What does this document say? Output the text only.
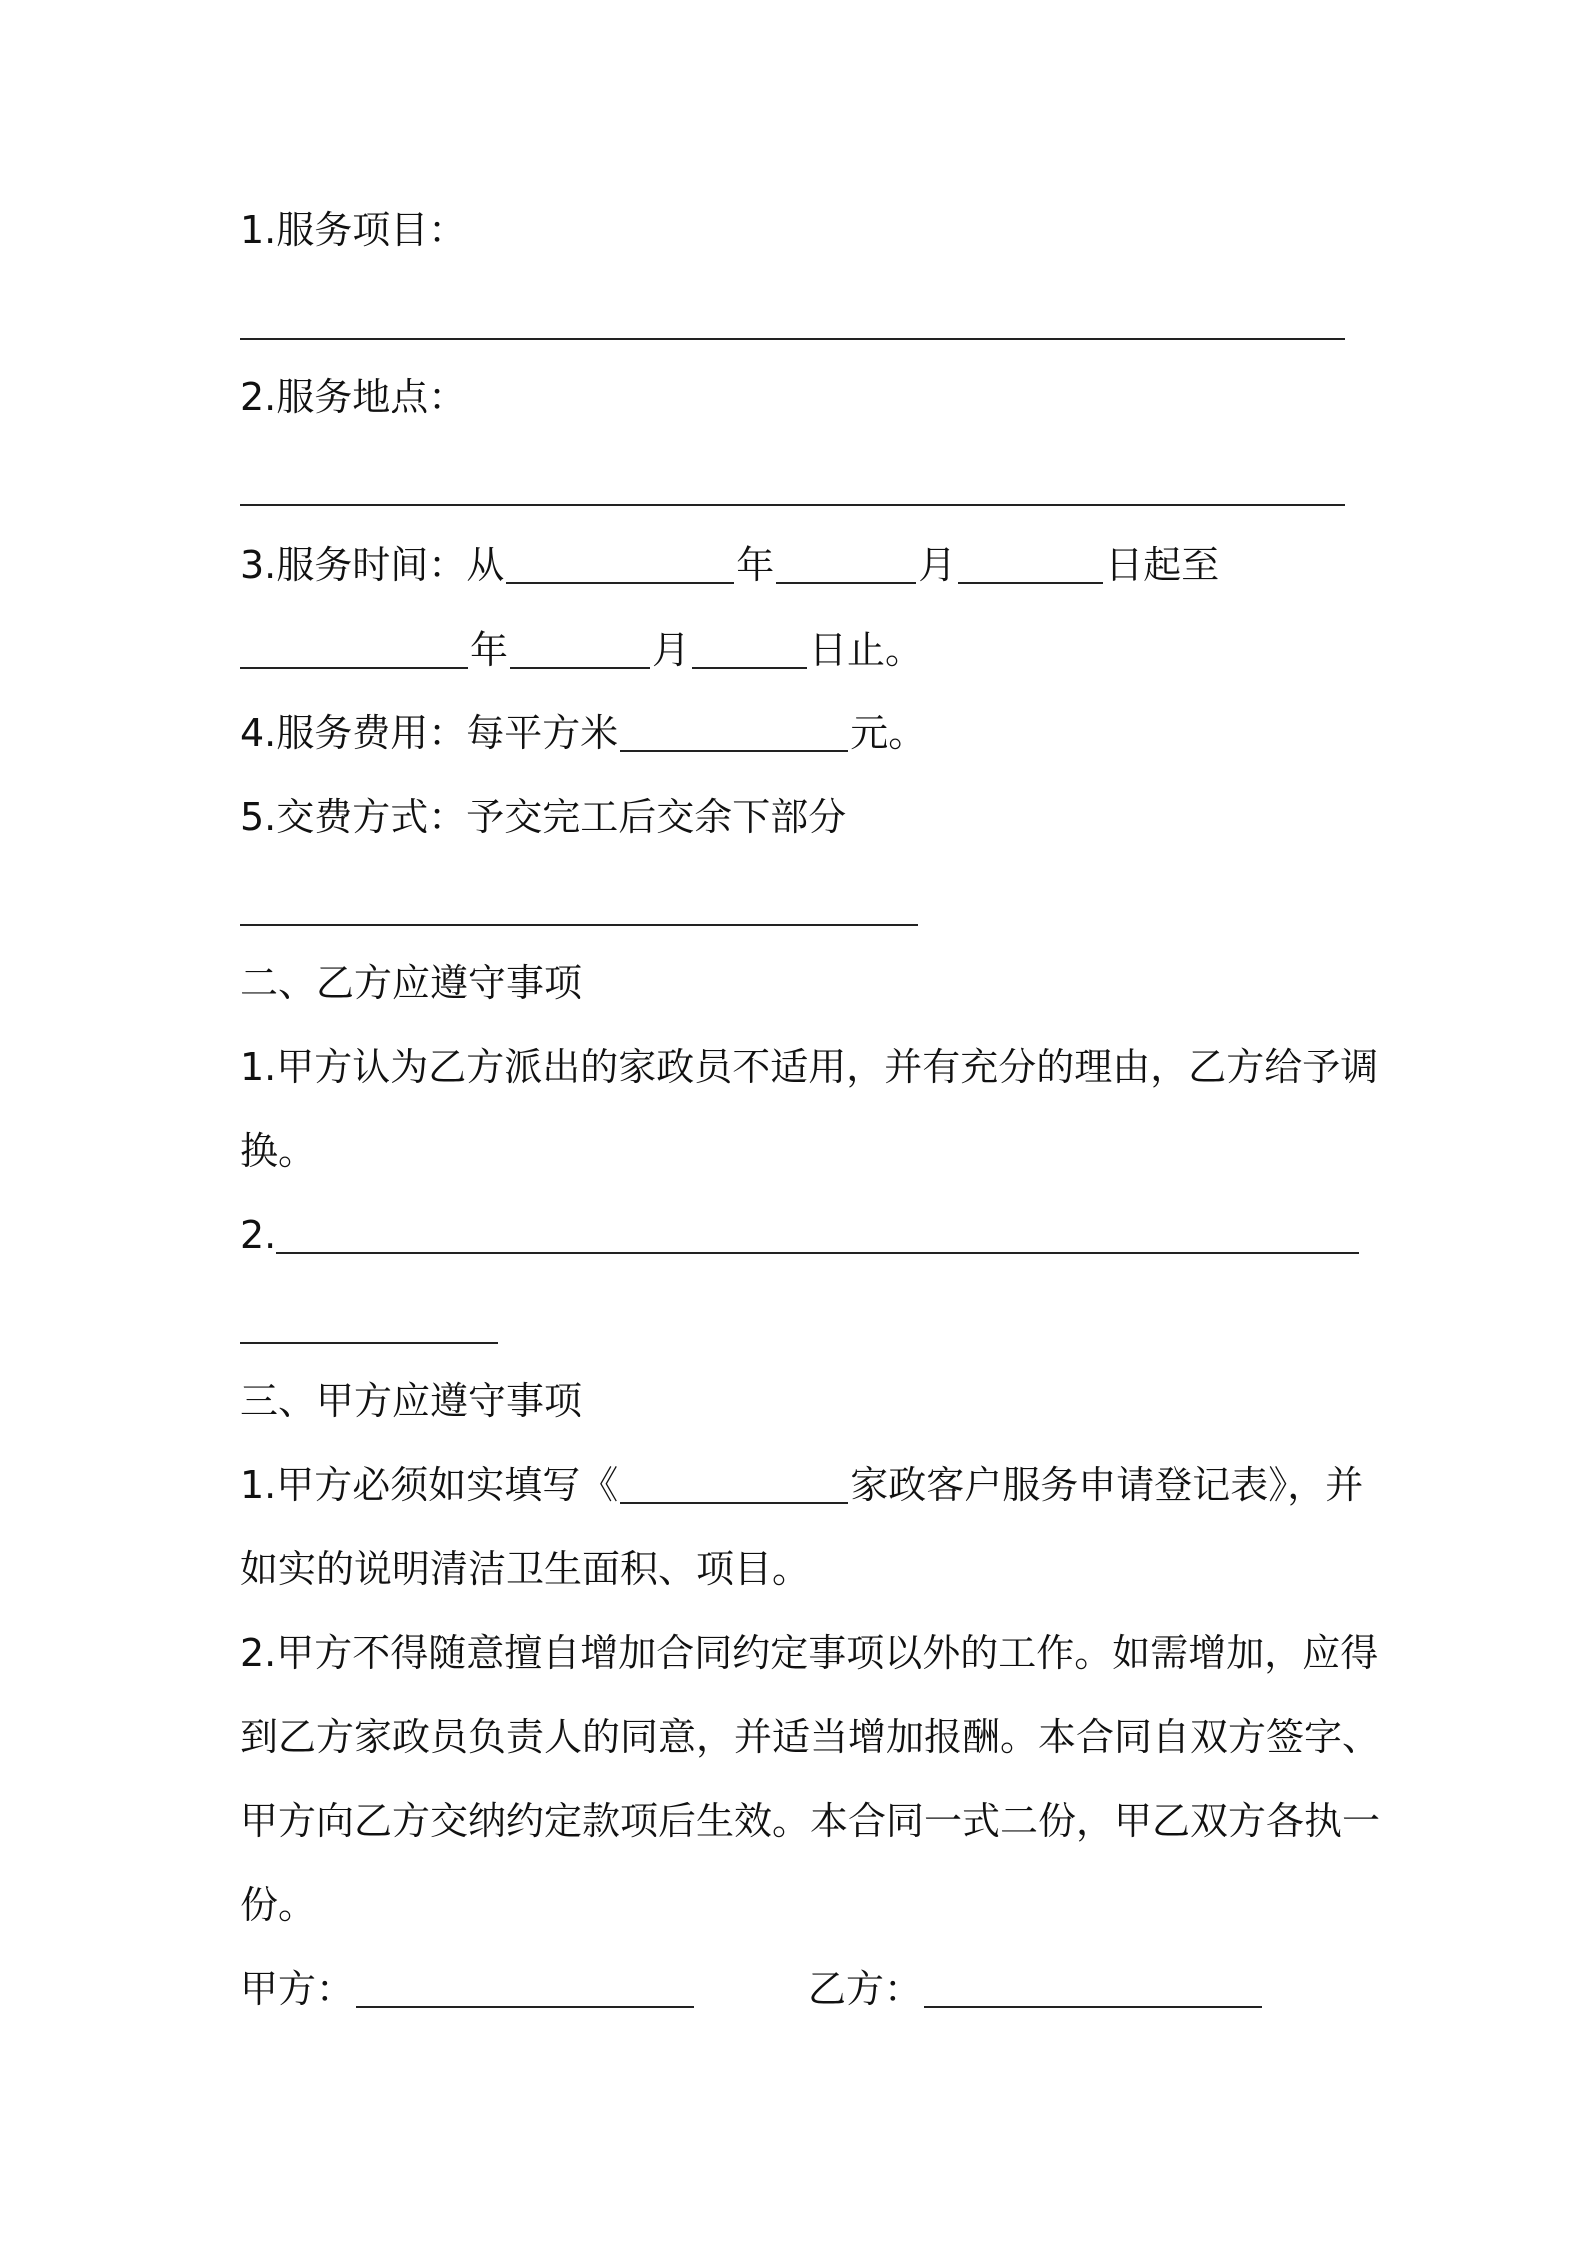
1.服务项目：
2.服务地点：
3.服务时间：从	年	月	日起至
年	月	日止。
4.服务费用：每平方米	元。
5.交费方式：予交完工后交余下部分
二、乙方应遵守事项
1.甲方认为乙方派出的家政员不适用，并有充分的理由，乙方给予调
换。
2.
三、甲方应遵守事项
1.甲方必须如实填写《	家政客户服务申请登记表》，并
如实的说明清洁卫生面积、项目。
2.甲方不得随意擅自增加合同约定事项以外的工作。如需增加，应得
到乙方家政员负责人的同意，并适当增加报酬。本合同自双方签字、
甲方向乙方交纳约定款项后生效。本合同一式二份，甲乙双方各执一
份。
甲方：	乙方：
